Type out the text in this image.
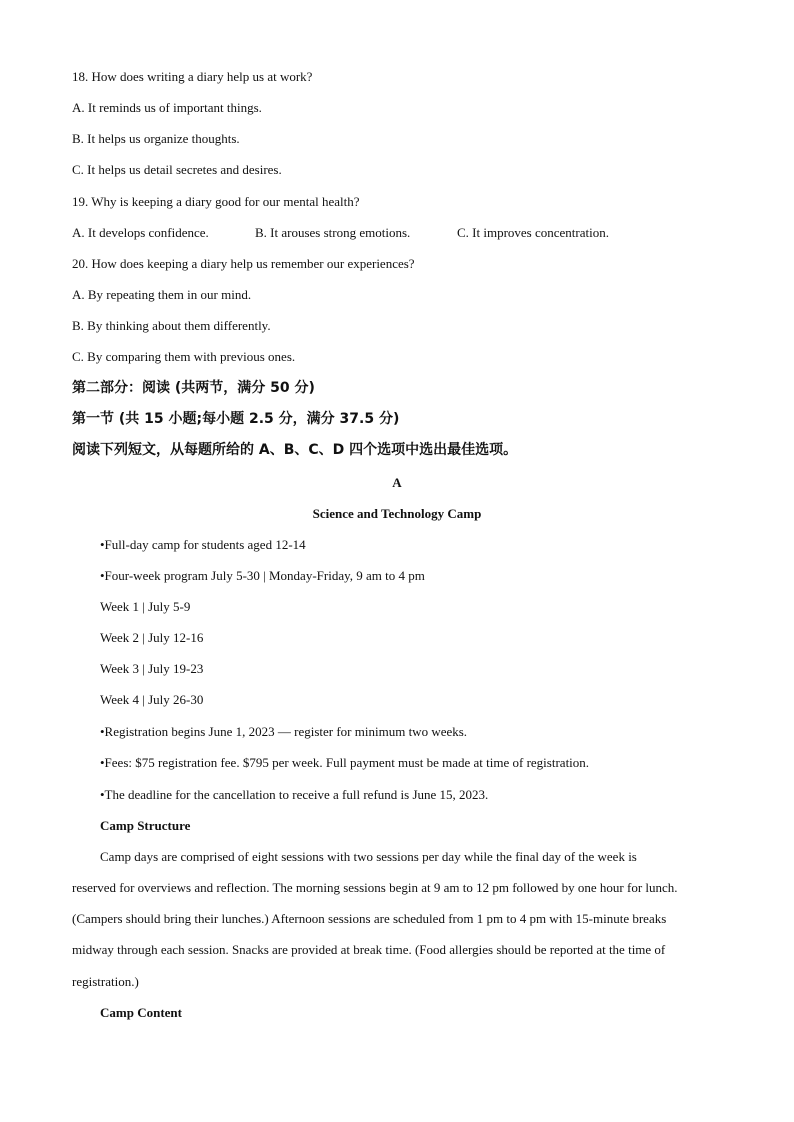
18. How does writing a diary help us at work?
A. It reminds us of important things.
B. It helps us organize thoughts.
C. It helps us detail secretes and desires.
19. Why is keeping a diary good for our mental health?
A. It develops confidence.	B. It arouses strong emotions.	C. It improves concentration.
20. How does keeping a diary help us remember our experiences?
A. By repeating them in our mind.
B. By thinking about them differently.
C. By comparing them with previous ones.
第二部分：阅读 (共两节，满分 50 分)
第一节 (共 15 小题;每小题 2.5 分，满分 37.5 分)
阅读下列短文，从每题所给的 A、B、C、D 四个选项中选出最佳选项。
A
Science and Technology Camp
•Full-day camp for students aged 12-14
•Four-week program July 5-30 | Monday-Friday, 9 am to 4 pm
Week 1 | July 5-9
Week 2 | July 12-16
Week 3 | July 19-23
Week 4 | July 26-30
•Registration begins June 1, 2023 — register for minimum two weeks.
•Fees: $75 registration fee. $795 per week. Full payment must be made at time of registration.
•The deadline for the cancellation to receive a full refund is June 15, 2023.
Camp Structure
Camp days are comprised of eight sessions with two sessions per day while the final day of the week is
reserved for overviews and reflection. The morning sessions begin at 9 am to 12 pm followed by one hour for lunch.
(Campers should bring their lunches.) Afternoon sessions are scheduled from 1 pm to 4 pm with 15-minute breaks
midway through each session. Snacks are provided at break time. (Food allergies should be reported at the time of
registration.)
Camp Content
